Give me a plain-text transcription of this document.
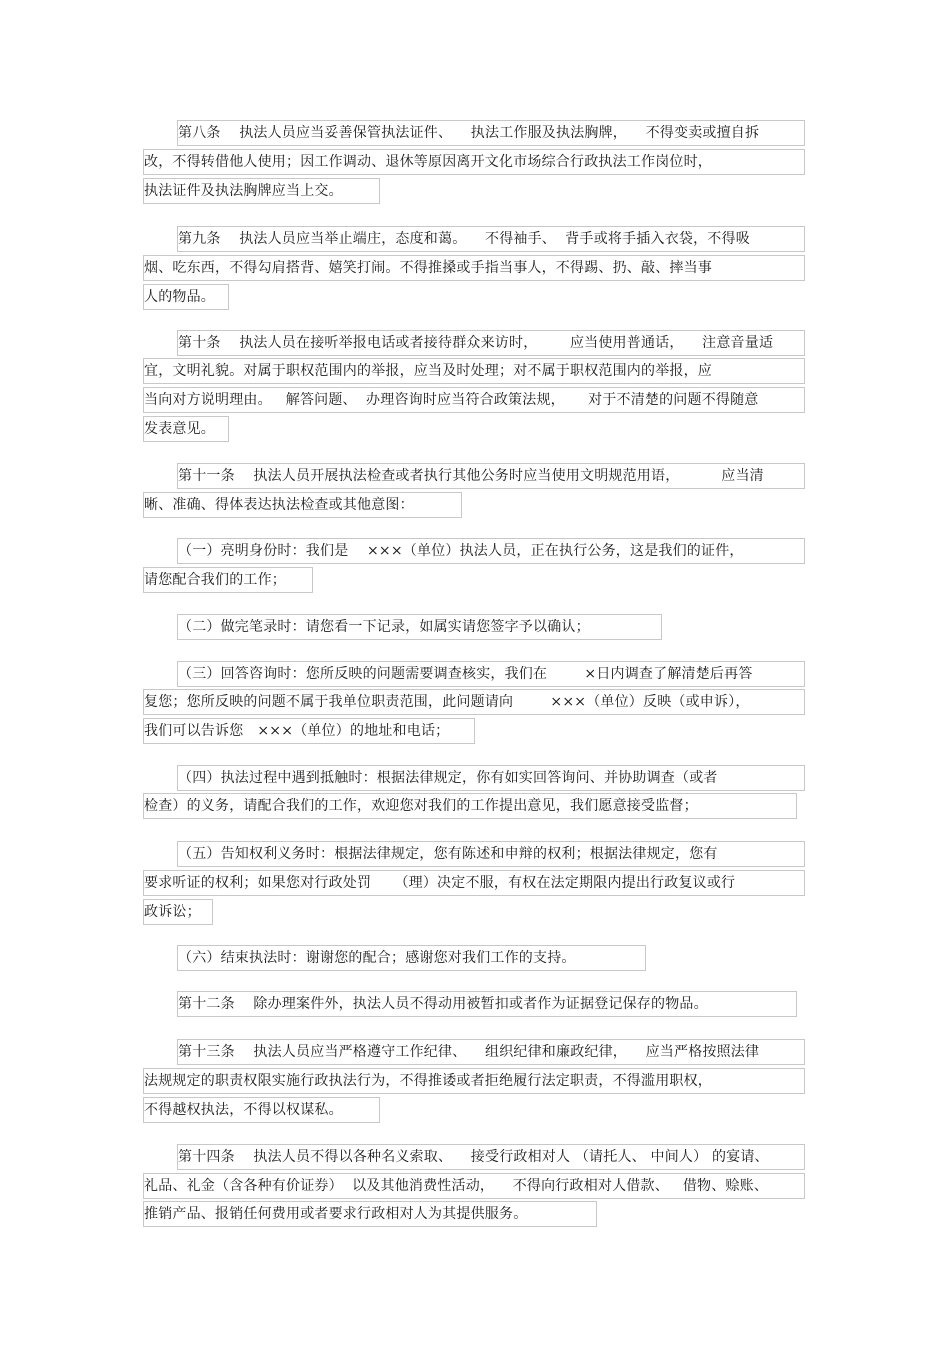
第八条    执法人员应当妥善保管执法证件、    执法工作服及执法胸牌，    不得变卖或擅自拆
改，不得转借他人使用；因工作调动、退休等原因离开文化市场综合行政执法工作岗位时，
执法证件及执法胸牌应当上交。
第九条    执法人员应当举止端庄，态度和蔼。    不得袖手、  背手或将手插入衣袋，不得吸
烟、吃东西，不得勾肩搭背、嬉笑打闹。不得推搡或手指当事人，不得踢、扔、敲、摔当事
人的物品。
第十条    执法人员在接听举报电话或者接待群众来访时，       应当使用普通话，    注意音量适
宜，文明礼貌。对属于职权范围内的举报，应当及时处理；对不属于职权范围内的举报，应
当向对方说明理由。   解答问题、  办理咨询时应当符合政策法规，     对于不清楚的问题不得随意
发表意见。
第十一条    执法人员开展执法检查或者执行其他公务时应当使用文明规范用语，         应当清
晰、准确、得体表达执法检查或其他意图：
（一）亮明身份时：我们是    ×××（单位）执法人员，正在执行公务，这是我们的证件，
请您配合我们的工作；
（二）做完笔录时：请您看一下记录，如属实请您签字予以确认；
（三）回答咨询时：您所反映的问题需要调查核实，我们在        ×日内调查了解清楚后再答
复您；您所反映的问题不属于我单位职责范围，此问题请向        ×××（单位）反映（或申诉），
我们可以告诉您   ×××（单位）的地址和电话；
（四）执法过程中遇到抵触时：根据法律规定，你有如实回答询问、并协助调查（或者
检查）的义务，请配合我们的工作，欢迎您对我们的工作提出意见，我们愿意接受监督；
（五）告知权利义务时：根据法律规定，您有陈述和申辩的权利；根据法律规定，您有
要求听证的权利；如果您对行政处罚     （理）决定不服，有权在法定期限内提出行政复议或行
政诉讼；
（六）结束执法时：谢谢您的配合；感谢您对我们工作的支持。
第十二条    除办理案件外，执法人员不得动用被暂扣或者作为证据登记保存的物品。
第十三条    执法人员应当严格遵守工作纪律、    组织纪律和廉政纪律，    应当严格按照法律
法规规定的职责权限实施行政执法行为，不得推诿或者拒绝履行法定职责，不得滥用职权，
不得越权执法，不得以权谋私。
第十四条    执法人员不得以各种名义索取、    接受行政相对人 （请托人、 中间人） 的宴请、
礼品、礼金（含各种有价证券）  以及其他消费性活动，    不得向行政相对人借款、   借物、赊账、
推销产品、报销任何费用或者要求行政相对人为其提供服务。
